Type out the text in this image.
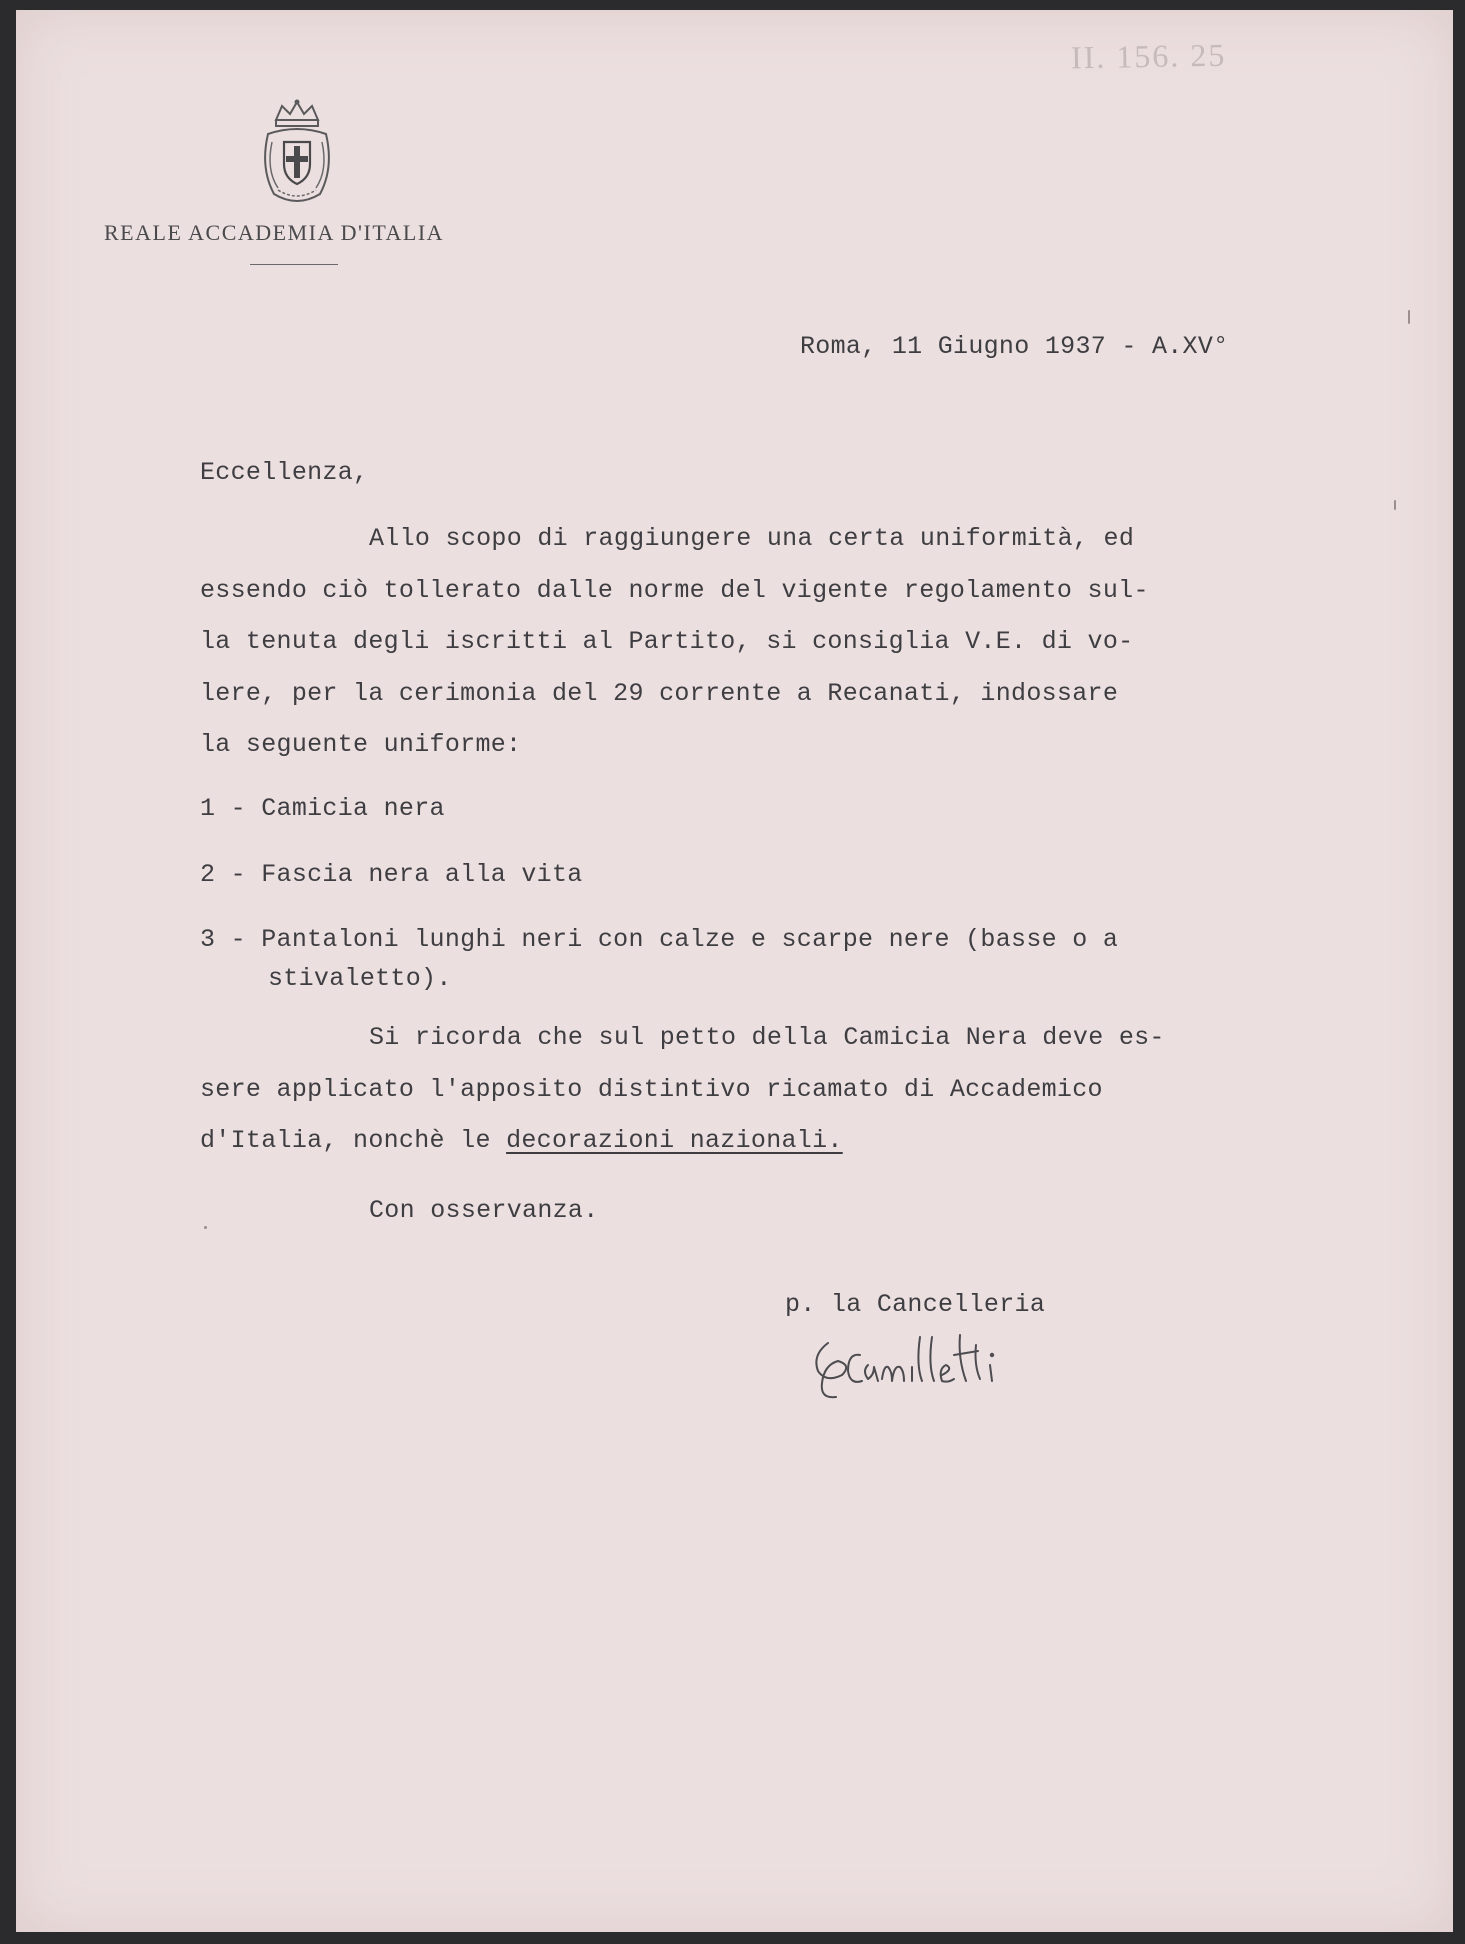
II. 156. 25
REALE ACCADEMIA D'ITALIA
Roma, 11 Giugno 1937 - A.XV°
Eccellenza,
Allo scopo di raggiungere una certa uniformità, ed
essendo ciò tollerato dalle norme del vigente regolamento sul-
la tenuta degli iscritti al Partito, si consiglia V.E. di vo-
lere, per la cerimonia del 29 corrente a Recanati, indossare
la seguente uniforme:
1 - Camicia nera
2 - Fascia nera alla vita
3 - Pantaloni lunghi neri con calze e scarpe nere (basse o a
stivaletto).
Si ricorda che sul petto della Camicia Nera deve es-
sere applicato l'apposito distintivo ricamato di Accademico
d'Italia, nonchè le decorazioni nazionali.
Con osservanza.
p. la Cancelleria
